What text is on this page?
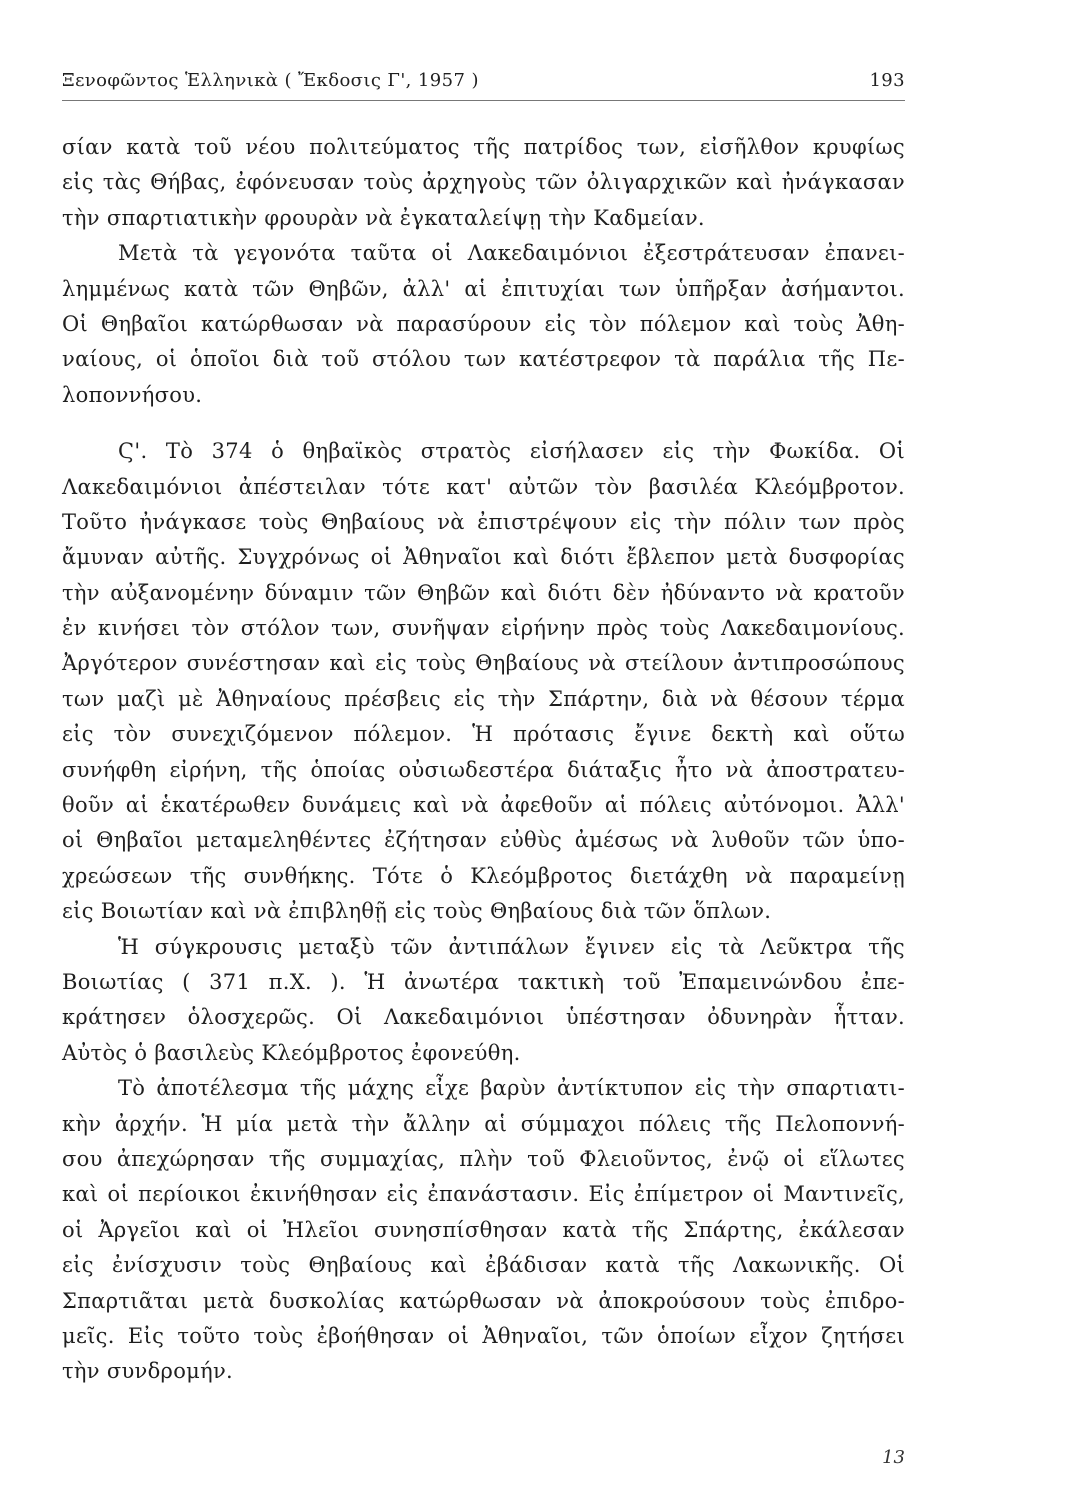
Ξενοφῶντος Ἑλληνικὰ ( Ἔκδοσις Γ', 1957 )	193
σίαν κατὰ τοῦ νέου πολιτεύματος τῆς πατρίδος των, εἰσῆλθον κρυφίως
εἰς τὰς Θήβας, ἐφόνευσαν τοὺς ἀρχηγοὺς τῶν ὀλιγαρχικῶν καὶ ἠνάγκασαν
τὴν σπαρτιατικὴν φρουρὰν νὰ ἐγκαταλείψῃ τὴν Καδμείαν.
Μετὰ τὰ γεγονότα ταῦτα οἱ Λακεδαιμόνιοι ἐξεστράτευσαν ἐπανει-
λημμένως κατὰ τῶν Θηβῶν, ἀλλ' αἱ ἐπιτυχίαι των ὑπῆρξαν ἀσήμαντοι.
Οἱ Θηβαῖοι κατώρθωσαν νὰ παρασύρουν εἰς τὸν πόλεμον καὶ τοὺς Ἀθη-
ναίους, οἱ ὁποῖοι διὰ τοῦ στόλου των κατέστρεφον τὰ παράλια τῆς Πε-
λοποννήσου.
Ϛ'. Τὸ 374 ὁ θηβαϊκὸς στρατὸς εἰσήλασεν εἰς τὴν Φωκίδα. Οἱ
Λακεδαιμόνιοι ἀπέστειλαν τότε κατ' αὐτῶν τὸν βασιλέα Κλεόμβροτον.
Τοῦτο ἠνάγκασε τοὺς Θηβαίους νὰ ἐπιστρέψουν εἰς τὴν πόλιν των πρὸς
ἄμυναν αὐτῆς. Συγχρόνως οἱ Ἀθηναῖοι καὶ διότι ἔβλεπον μετὰ δυσφορίας
τὴν αὐξανομένην δύναμιν τῶν Θηβῶν καὶ διότι δὲν ἠδύναντο νὰ κρατοῦν
ἐν κινήσει τὸν στόλον των, συνῆψαν εἰρήνην πρὸς τοὺς Λακεδαιμονίους.
Ἀργότερον συνέστησαν καὶ εἰς τοὺς Θηβαίους νὰ στείλουν ἀντιπροσώπους
των μαζὶ μὲ Ἀθηναίους πρέσβεις εἰς τὴν Σπάρτην, διὰ νὰ θέσουν τέρμα
εἰς τὸν συνεχιζόμενον πόλεμον. Ἡ πρότασις ἔγινε δεκτὴ καὶ οὕτω
συνήφθη εἰρήνη, τῆς ὁποίας οὐσιωδεστέρα διάταξις ἦτο νὰ ἀποστρατευ-
θοῦν αἱ ἑκατέρωθεν δυνάμεις καὶ νὰ ἀφεθοῦν αἱ πόλεις αὐτόνομοι. Ἀλλ'
οἱ Θηβαῖοι μεταμεληθέντες ἐζήτησαν εὐθὺς ἀμέσως νὰ λυθοῦν τῶν ὑπο-
χρεώσεων τῆς συνθήκης. Τότε ὁ Κλεόμβροτος διετάχθη νὰ παραμείνῃ
εἰς Βοιωτίαν καὶ νὰ ἐπιβληθῇ εἰς τοὺς Θηβαίους διὰ τῶν ὅπλων.
Ἡ σύγκρουσις μεταξὺ τῶν ἀντιπάλων ἔγινεν εἰς τὰ Λεῦκτρα τῆς
Βοιωτίας ( 371 π.Χ. ). Ἡ ἀνωτέρα τακτικὴ τοῦ Ἐπαμεινώνδου ἐπε-
κράτησεν ὁλοσχερῶς. Οἱ Λακεδαιμόνιοι ὑπέστησαν ὀδυνηρὰν ἧτταν.
Αὐτὸς ὁ βασιλεὺς Κλεόμβροτος ἐφονεύθη.
Τὸ ἀποτέλεσμα τῆς μάχης εἶχε βαρὺν ἀντίκτυπον εἰς τὴν σπαρτιατι-
κὴν ἀρχήν. Ἡ μία μετὰ τὴν ἄλλην αἱ σύμμαχοι πόλεις τῆς Πελοποννή-
σου ἀπεχώρησαν τῆς συμμαχίας, πλὴν τοῦ Φλειοῦντος, ἐνῷ οἱ εἵλωτες
καὶ οἱ περίοικοι ἐκινήθησαν εἰς ἐπανάστασιν. Εἰς ἐπίμετρον οἱ Μαντινεῖς,
οἱ Ἀργεῖοι καὶ οἱ Ἠλεῖοι συνησπίσθησαν κατὰ τῆς Σπάρτης, ἐκάλεσαν
εἰς ἐνίσχυσιν τοὺς Θηβαίους καὶ ἐβάδισαν κατὰ τῆς Λακωνικῆς. Οἱ
Σπαρτιᾶται μετὰ δυσκολίας κατώρθωσαν νὰ ἀποκρούσουν τοὺς ἐπιδρο-
μεῖς. Εἰς τοῦτο τοὺς ἐβοήθησαν οἱ Ἀθηναῖοι, τῶν ὁποίων εἶχον ζητήσει
τὴν συνδρομήν.
13
